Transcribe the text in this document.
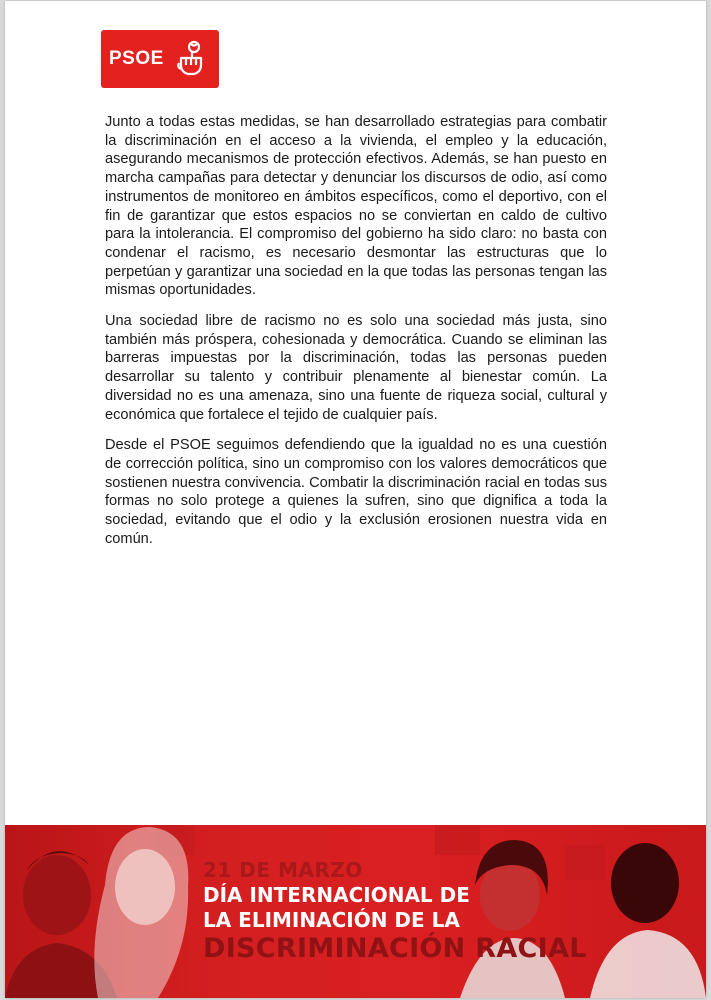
PSOE

Junto a todas estas medidas, se han desarrollado estrategias para combatir la discriminación en el acceso a la vivienda, el empleo y la educación, asegurando mecanismos de protección efectivos. Además, se han puesto en marcha campañas para detectar y denunciar los discursos de odio, así como instrumentos de monitoreo en ámbitos específicos, como el deportivo, con el fin de garantizar que estos espacios no se conviertan en caldo de cultivo para la intolerancia. El compromiso del gobierno ha sido claro: no basta con condenar el racismo, es necesario desmontar las estructuras que lo perpetúan y garantizar una sociedad en la que todas las personas tengan las mismas oportunidades.

Una sociedad libre de racismo no es solo una sociedad más justa, sino también más próspera, cohesionada y democrática. Cuando se eliminan las barreras impuestas por la discriminación, todas las personas pueden desarrollar su talento y contribuir plenamente al bienestar común. La diversidad no es una amenaza, sino una fuente de riqueza social, cultural y económica que fortalece el tejido de cualquier país.

Desde el PSOE seguimos defendiendo que la igualdad no es una cuestión de corrección política, sino un compromiso con los valores democráticos que sostienen nuestra convivencia. Combatir la discriminación racial en todas sus formas no solo protege a quienes la sufren, sino que dignifica a toda la sociedad, evitando que el odio y la exclusión erosionen nuestra vida en común.

21 DE MARZO
DÍA INTERNACIONAL DE
LA ELIMINACIÓN DE LA
DISCRIMINACIÓN RACIAL
